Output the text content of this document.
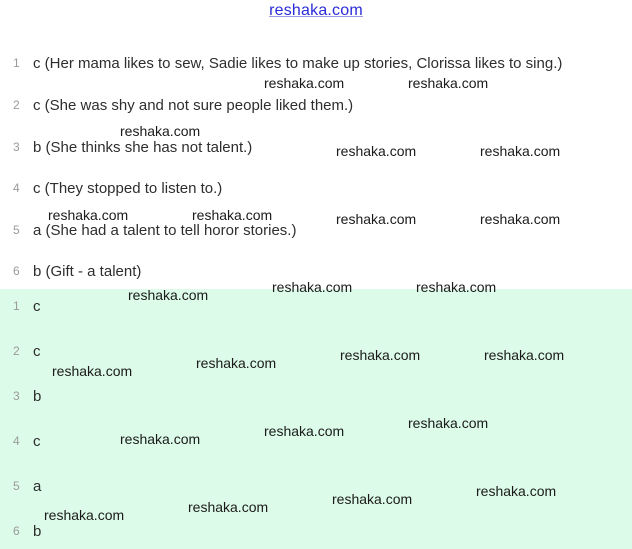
reshaka.com
1 c (Her mama likes to sew, Sadie likes to make up stories, Clorissa likes to sing.)
2 c (She was shy and not sure people liked them.)
3 b (She thinks she has not talent.)
4 c (They stopped to listen to.)
5 a (She had a talent to tell horor stories.)
6 b (Gift - a talent)
1 c
2 c
3 b
4 c
5 a
6 b
reshaka.com	reshaka.com
reshaka.com
reshaka.com	reshaka.com
reshaka.com	reshaka.com	reshaka.com	reshaka.com
reshaka.com	reshaka.com	reshaka.com
reshaka.com	reshaka.com
reshaka.com
reshaka.com
reshaka.com
reshaka.com
reshaka.com
reshaka.com
reshaka.com
reshaka.com
reshaka.com
